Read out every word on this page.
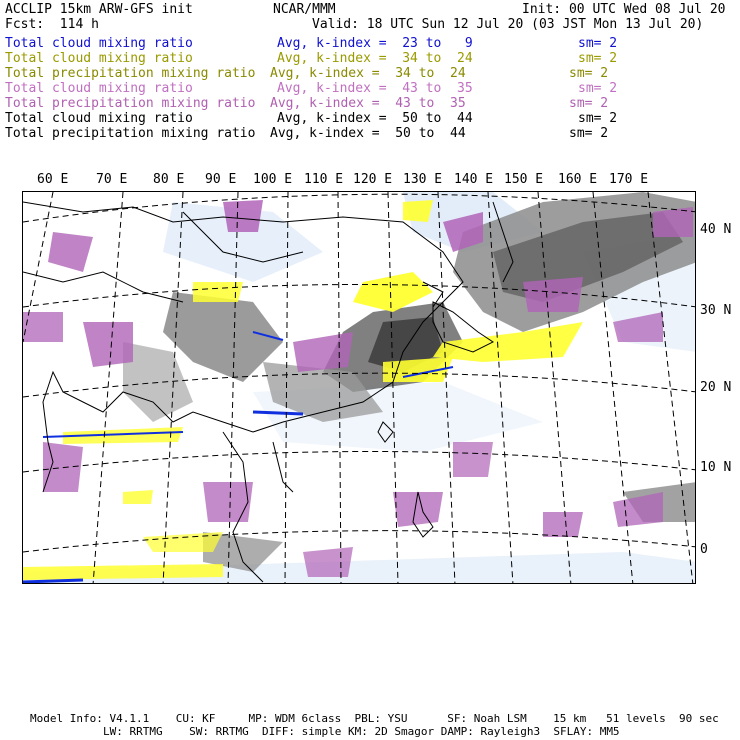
ACCLIP 15km ARW-GFS init	NCAR/MMM	Init: 00 UTC Wed 08 Jul 20
Fcst:  114 h	Valid: 18 UTC Sun 12 Jul 20 (03 JST Mon 13 Jul 20)
Total cloud mixing ratio	Avg, k-index =  23 to   9	sm= 2
Total cloud mixing ratio	Avg, k-index =  34 to  24	sm= 2
Total precipitation mixing ratio Avg, k-index =  34 to  24	sm= 2
Total cloud mixing ratio	Avg, k-index =  43 to  35	sm= 2
Total precipitation mixing ratio Avg, k-index =  43 to  35	sm= 2
Total cloud mixing ratio	Avg, k-index =  50 to  44	sm= 2
Total precipitation mixing ratio Avg, k-index =  50 to  44	sm= 2
60 E 70 E 80 E 90 E 100 E 110 E 120 E 130 E 140 E 150 E 160 E 170 E
40 N
30 N
20 N
10 N
0
Model Info: V4.1.1    CU: KF     MP: WDM 6class  PBL: YSU      SF: Noah LSM    15 km   51 levels  90 sec
LW: RRTMG    SW: RRTMG  DIFF: simple KM: 2D Smagor DAMP: Rayleigh3  SFLAY: MM5
